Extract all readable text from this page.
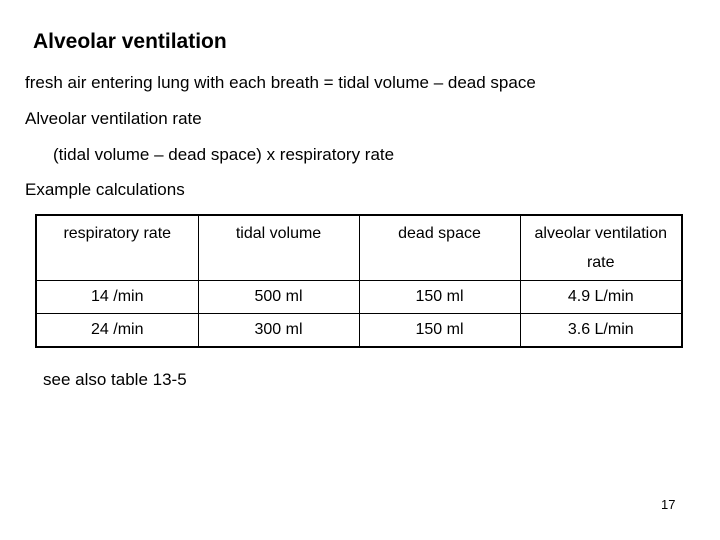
Alveolar ventilation
fresh air entering lung with each breath = tidal volume – dead space
Alveolar ventilation rate
(tidal volume – dead space) x respiratory rate
Example calculations
respiratory rate	tidal volume	dead space	alveolar ventilation rate
14 /min	500 ml	150 ml	4.9 L/min
24 /min	300 ml	150 ml	3.6 L/min
see also table 13-5
17
